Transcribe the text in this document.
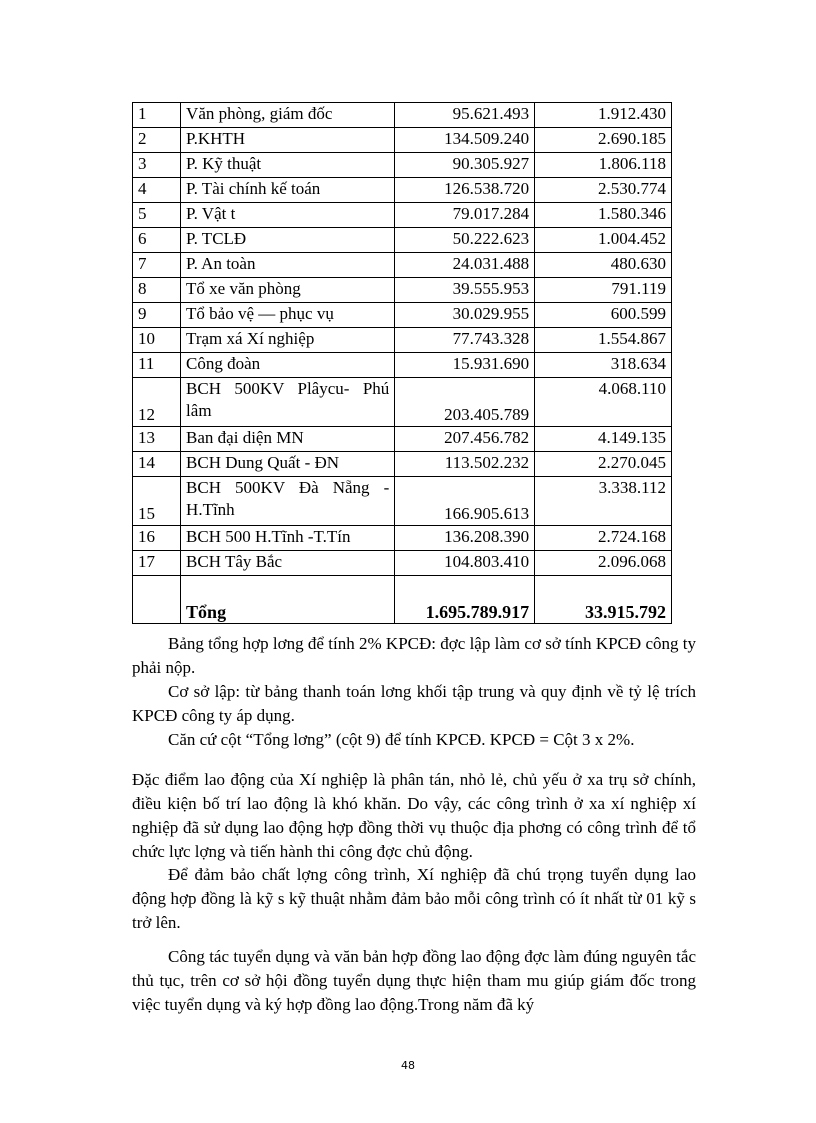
1	Văn phòng, giám đốc	95.621.493	1.912.430
2	P.KHTH	134.509.240	2.690.185
3	P. Kỹ thuật	90.305.927	1.806.118
4	P. Tài chính kế toán	126.538.720	2.530.774
5	P. Vật t	79.017.284	1.580.346
6	P. TCLĐ	50.222.623	1.004.452
7	P. An toàn	24.031.488	480.630
8	Tổ xe văn phòng	39.555.953	791.119
9	Tổ bảo vệ — phục vụ	30.029.955	600.599
10	Trạm xá Xí nghiệp	77.743.328	1.554.867
11	Công đoàn	15.931.690	318.634
12	BCH 500KV Plâycu- Phú lâm	203.405.789	4.068.110
13	Ban đại diện MN	207.456.782	4.149.135
14	BCH Dung Quất - ĐN	113.502.232	2.270.045
15	BCH 500KV Đà Nẵng - H.Tĩnh	166.905.613	3.338.112
16	BCH 500 H.Tĩnh -T.Tín	136.208.390	2.724.168
17	BCH Tây Bắc	104.803.410	2.096.068
	Tổng	1.695.789.917	33.915.792

Bảng tổng hợp lơng để tính 2% KPCĐ: đợc lập làm cơ sở tính KPCĐ công ty phải nộp.

Cơ sở lập: từ bảng thanh toán lơng khối tập trung và quy định về tỷ lệ trích KPCĐ công ty áp dụng.

Căn cứ cột “Tổng lơng” (cột 9) để tính KPCĐ. KPCĐ = Cột 3 x 2%.

Đặc điểm lao động của Xí nghiệp là phân tán, nhỏ lẻ, chủ yếu ở xa trụ sở chính, điều kiện bố trí lao động là khó khăn. Do vậy, các công trình ở xa xí nghiệp xí nghiệp đã sử dụng lao động hợp đồng thời vụ thuộc địa phơng có công trình để tổ chức lực lợng và tiến hành thi công đợc chủ động.

Để đảm bảo chất lợng công trình, Xí nghiệp đã chú trọng tuyển dụng lao động hợp đồng là kỹ s kỹ thuật nhằm đảm bảo mỗi công trình có ít nhất từ 01 kỹ s trở lên.

Công tác tuyển dụng và văn bản hợp đồng lao động đợc làm đúng nguyên tắc thủ tục, trên cơ sở hội đồng tuyển dụng thực hiện tham mu giúp giám đốc trong việc tuyển dụng và ký hợp đồng lao động.Trong năm đã ký

48
